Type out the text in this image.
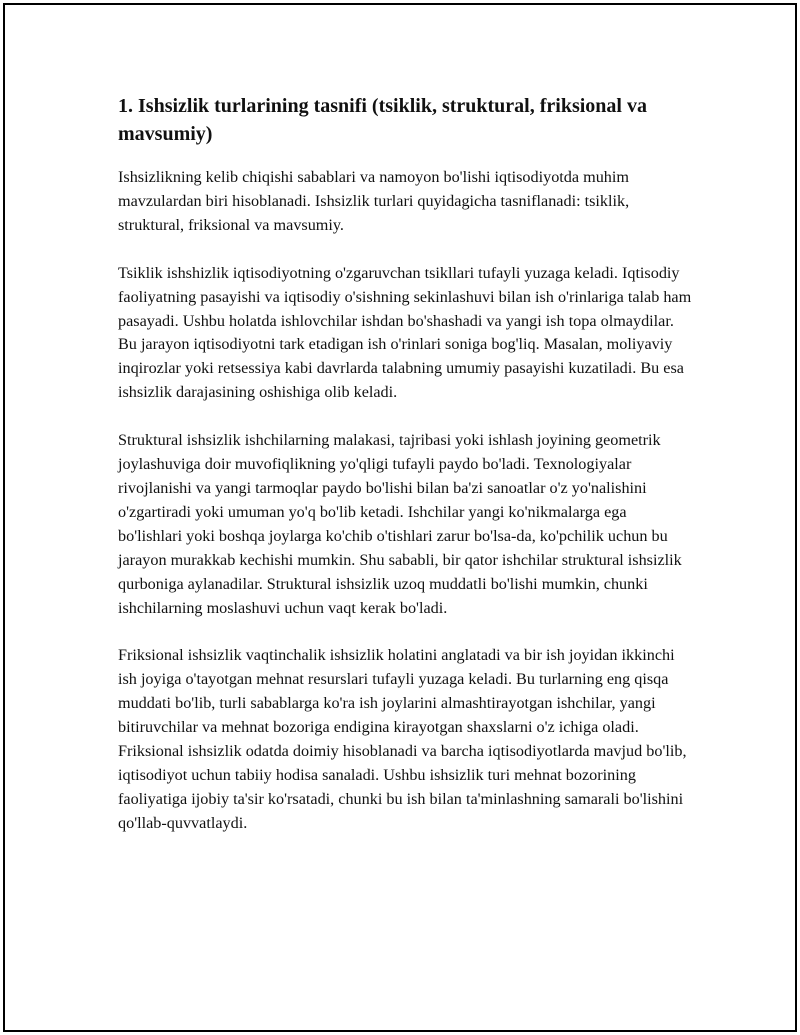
1. Ishsizlik turlarining tasnifi (tsiklik, struktural, friksional va mavsumiy)

Ishsizlikning kelib chiqishi sabablari va namoyon bo'lishi iqtisodiyotda muhim mavzulardan biri hisoblanadi. Ishsizlik turlari quyidagicha tasniflanadi: tsiklik, struktural, friksional va mavsumiy.

Tsiklik ishshizlik iqtisodiyotning o'zgaruvchan tsikllari tufayli yuzaga keladi. Iqtisodiy faoliyatning pasayishi va iqtisodiy o'sishning sekinlashuvi bilan ish o'rinlariga talab ham pasayadi. Ushbu holatda ishlovchilar ishdan bo'shashadi va yangi ish topa olmaydilar. Bu jarayon iqtisodiyotni tark etadigan ish o'rinlari soniga bog'liq. Masalan, moliyaviy inqirozlar yoki retsessiya kabi davrlarda talabning umumiy pasayishi kuzatiladi. Bu esa ishsizlik darajasining oshishiga olib keladi.

Struktural ishsizlik ishchilarning malakasi, tajribasi yoki ishlash joyining geometrik joylashuviga doir muvofiqlikning yo'qligi tufayli paydo bo'ladi. Texnologiyalar rivojlanishi va yangi tarmoqlar paydo bo'lishi bilan ba'zi sanoatlar o'z yo'nalishini o'zgartiradi yoki umuman yo'q bo'lib ketadi. Ishchilar yangi ko'nikmalarga ega bo'lishlari yoki boshqa joylarga ko'chib o'tishlari zarur bo'lsa-da, ko'pchilik uchun bu jarayon murakkab kechishi mumkin. Shu sababli, bir qator ishchilar struktural ishsizlik qurboniga aylanadilar. Struktural ishsizlik uzoq muddatli bo'lishi mumkin, chunki ishchilarning moslashuvi uchun vaqt kerak bo'ladi.

Friksional ishsizlik vaqtinchalik ishsizlik holatini anglatadi va bir ish joyidan ikkinchi ish joyiga o'tayotgan mehnat resurslari tufayli yuzaga keladi. Bu turlarning eng qisqa muddati bo'lib, turli sabablarga ko'ra ish joylarini almashtirayotgan ishchilar, yangi bitiruvchilar va mehnat bozoriga endigina kirayotgan shaxslarni o'z ichiga oladi. Friksional ishsizlik odatda doimiy hisoblanadi va barcha iqtisodiyotlarda mavjud bo'lib, iqtisodiyot uchun tabiiy hodisa sanaladi. Ushbu ishsizlik turi mehnat bozorining faoliyatiga ijobiy ta'sir ko'rsatadi, chunki bu ish bilan ta'minlashning samarali bo'lishini qo'llab-quvvatlaydi.
